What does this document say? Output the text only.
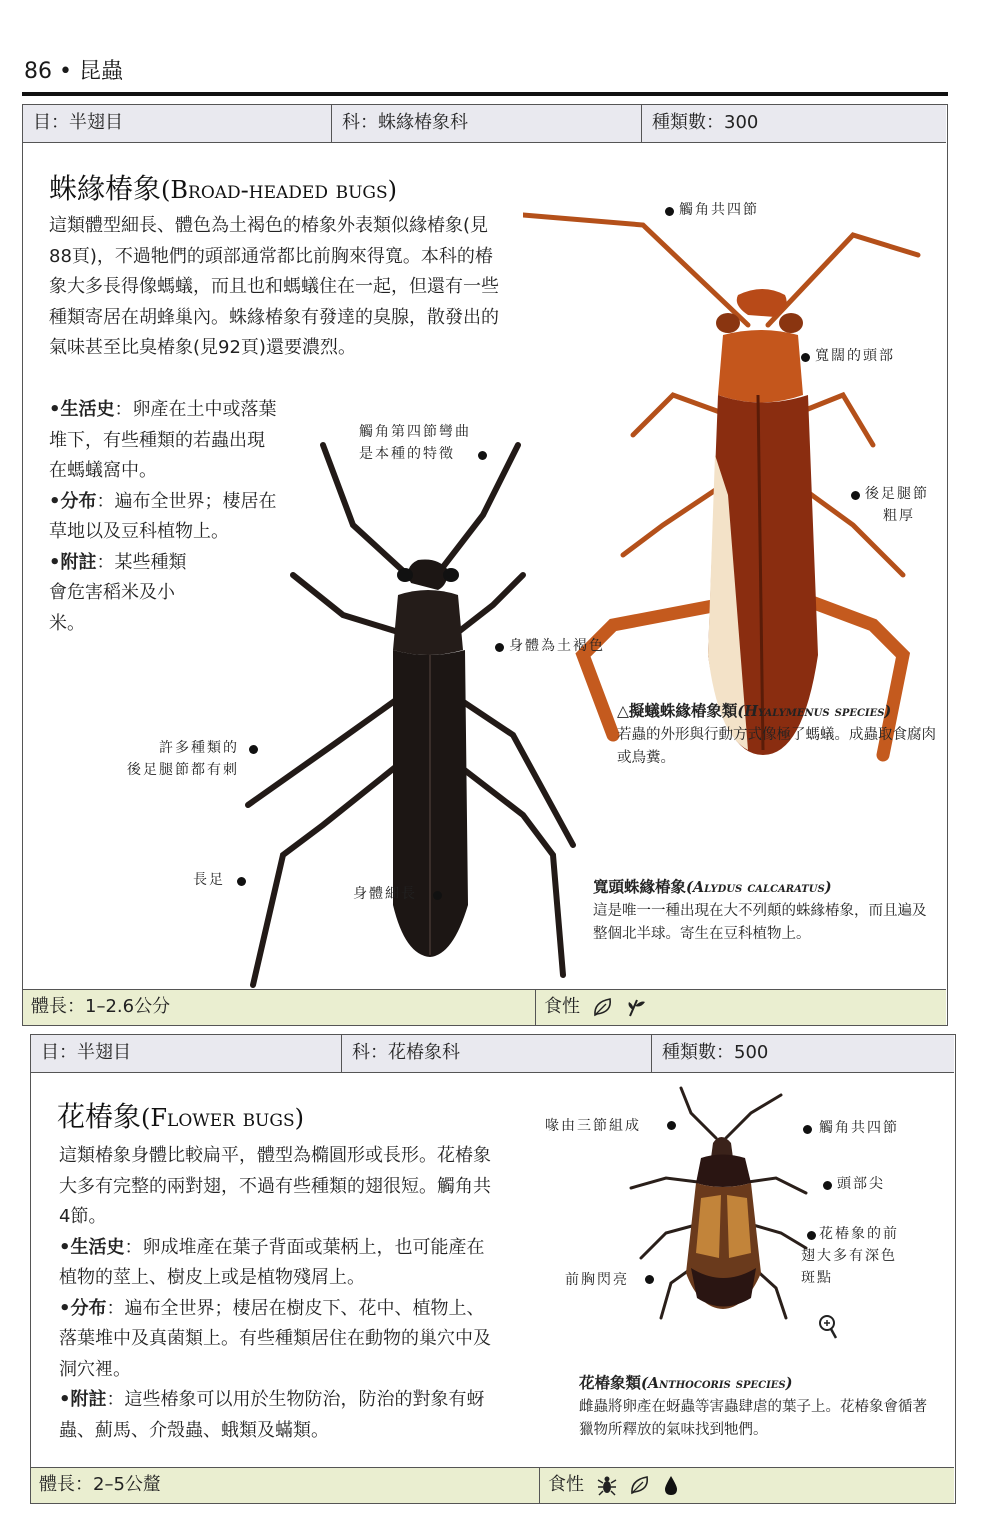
86 • 昆蟲
目：半翅目	科：蛛緣椿象科	種類數：300
蛛緣椿象(Broad-headed bugs)

這類體型細長、體色為土褐色的椿象外表類似緣椿象(見88頁)，不過牠們的頭部通常都比前胸來得寬。本科的椿象大多長得像螞蟻，而且也和螞蟻住在一起，但還有一些種類寄居在胡蜂巢內。蛛緣椿象有發達的臭腺，散發出的氣味甚至比臭椿象(見92頁)還要濃烈。

•生活史：卵產在土中或落葉堆下，有些種類的若蟲出現在螞蟻窩中。

•分布：遍布全世界；棲居在草地以及豆科植物上。

•附註：某些種類會危害稻米及小米。

觸角共四節
寬闊的頭部
後足腿節
粗厚
觸角第四節彎曲
是本種的特徵
身體為土褐色
許多種類的
後足腿節都有刺
長足
身體細長
△擬蟻蛛緣椿象類(Hyalymenus species)
若蟲的外形與行動方式像極了螞蟻。成蟲取食腐肉或鳥糞。
寬頭蛛緣椿象(Alydus calcaratus)
這是唯一一種出現在大不列顛的蛛緣椿象，而且遍及整個北半球。寄生在豆科植物上。
體長：1–2.6公分	食性
目：半翅目	科：花椿象科	種類數：500
花椿象(Flower bugs)

這類椿象身體比較扁平，體型為橢圓形或長形。花椿象大多有完整的兩對翅，不過有些種類的翅很短。觸角共4節。

•生活史：卵成堆產在葉子背面或葉柄上，也可能產在植物的莖上、樹皮上或是植物殘屑上。

•分布：遍布全世界；棲居在樹皮下、花中、植物上、落葉堆中及真菌類上。有些種類居住在動物的巢穴中及洞穴裡。

•附註：這些椿象可以用於生物防治，防治的對象有蚜蟲、薊馬、介殼蟲、蛾類及蟎類。

喙由三節組成	觸角共四節
頭部尖
花椿象的前
翅大多有深色
斑點
前胸閃亮
花椿象類(Anthocoris species)
雌蟲將卵產在蚜蟲等害蟲肆虐的葉子上。花椿象會循著獵物所釋放的氣味找到牠們。
體長：2–5公釐	食性
